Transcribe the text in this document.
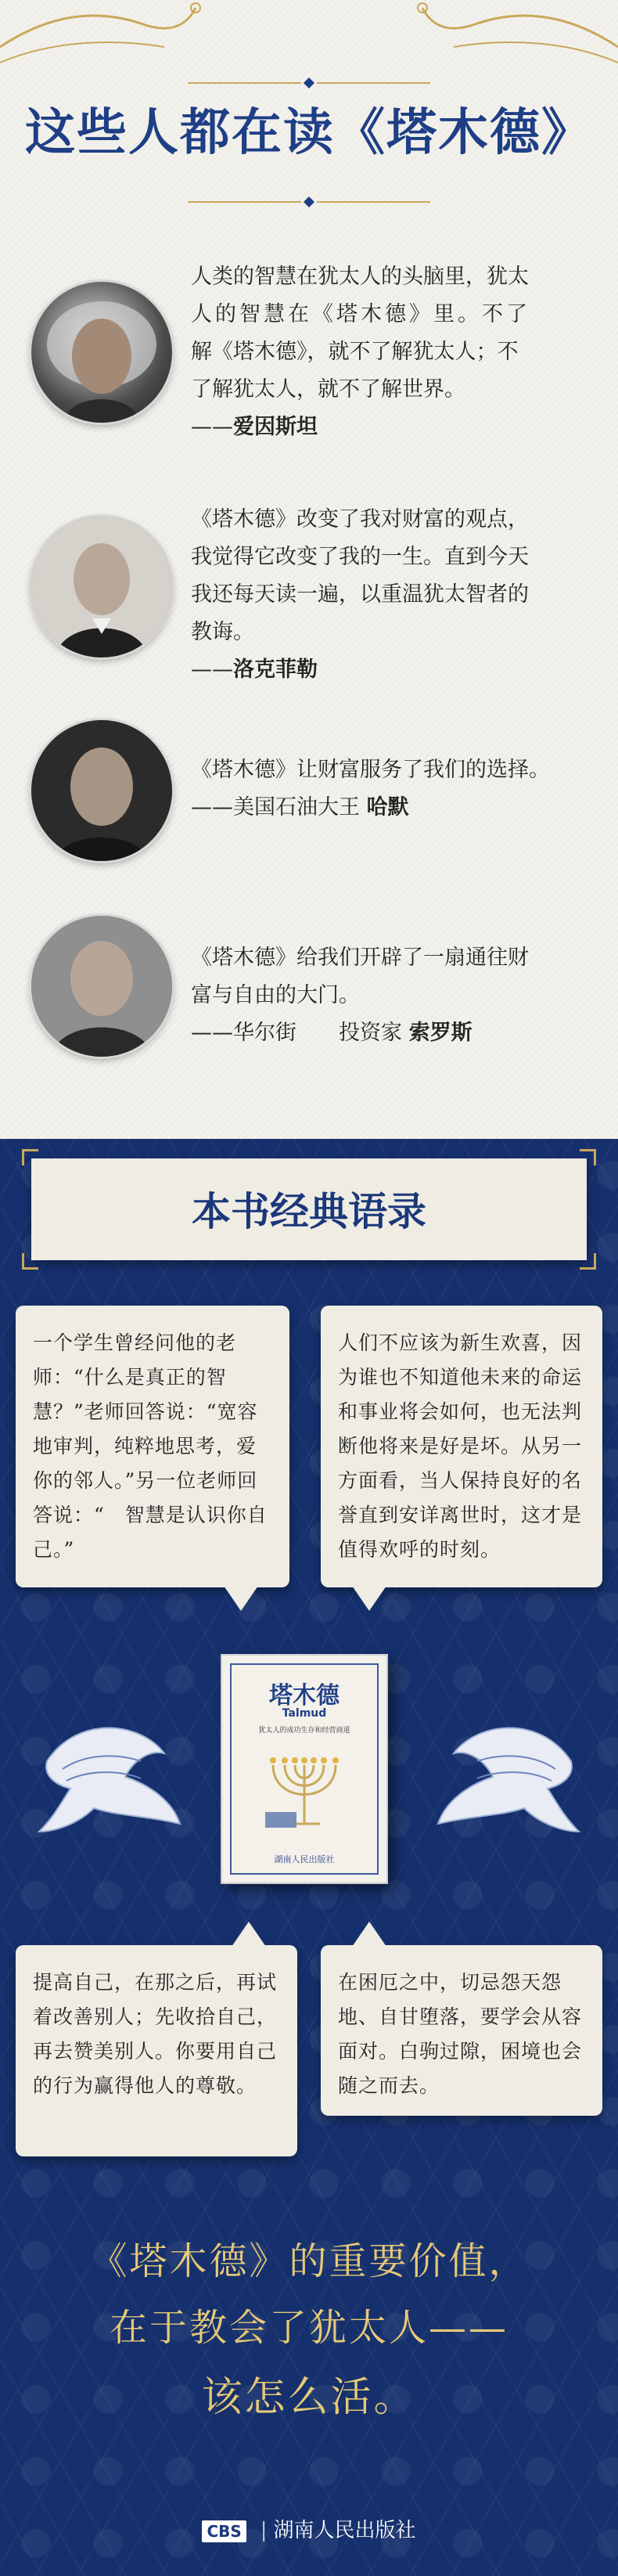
这些人都在读《塔木德》
人类的智慧在犹太人的头脑里，犹太
人的智慧在《塔木德》里。不了
解《塔木德》，就不了解犹太人；不
了解犹太人，就不了解世界。
——爱因斯坦
《塔木德》改变了我对财富的观点，
我觉得它改变了我的一生。直到今天
我还每天读一遍，以重温犹太智者的
教诲。
——洛克菲勒
《塔木德》让财富服务了我们的选择。
——美国石油大王 哈默
《塔木德》给我们开辟了一扇通往财
富与自由的大门。
——华尔街　　投资家 索罗斯
本书经典语录
一个学生曾经问他的老师：“什么是真正的智慧？”老师回答说：“宽容地审判，纯粹地思考，爱你的邻人。”另一位老师回答说：“　智慧是认识你自己。”
人们不应该为新生欢喜，因为谁也不知道他未来的命运和事业将会如何，也无法判断他将来是好是坏。从另一方面看，当人保持良好的名誉直到安详离世时，这才是值得欢呼的时刻。
提高自己，在那之后，再试着改善别人；先收拾自己，再去赞美别人。你要用自己的行为赢得他人的尊敬。
在困厄之中，切忌怨天怨地、自甘堕落，要学会从容面对。白驹过隙，困境也会随之而去。
塔木德
Talmud
犹太人的成功生存和经营商道
湖南人民出版社
《塔木德》的重要价值，
在于教会了犹太人——
该怎么活。
CBS | 湖南人民出版社
